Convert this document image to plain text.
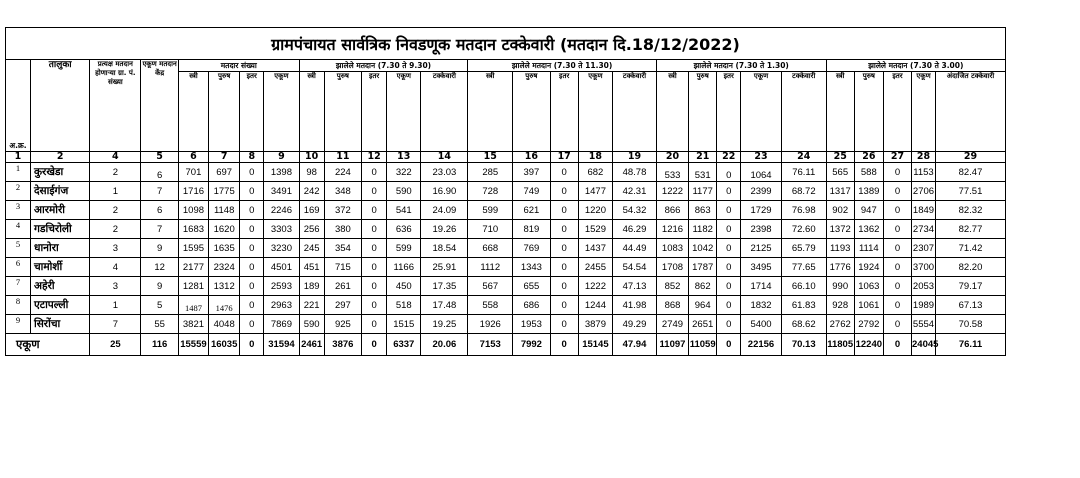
ग्रामपंचायत सार्वत्रिक निवडणूक मतदान टक्केवारी (मतदान दि.18/12/2022)
अ.क्र.	तालुका	प्रत्यक्ष मतदान होणाऱ्या ग्रा. पं. संख्या	एकूण मतदान केंद्र	मतदार संख्या				झालेले मतदान (7.30 ते 9.30)					झालेले मतदान (7.30 ते 11.30)					झालेले मतदान (7.30 ते 1.30)					झालेले मतदान (7.30 ते 3.00)				
				स्त्री	पुरुष	इतर	एकूण	स्त्री	पुरुष	इतर	एकूण	टक्केवारी	स्त्री	पुरुष	इतर	एकूण	टक्केवारी	स्त्री	पुरुष	इतर	एकूण	टक्केवारी	स्त्री	पुरुष	इतर	एकूण	अंदाजित टक्केवारी
1	2	4	5	6	7	8	9	10	11	12	13	14	15	16	17	18	19	20	21	22	23	24	25	26	27	28	29
1	कुरखेडा	2	6	701	697	0	1398	98	224	0	322	23.03	285	397	0	682	48.78	533	531	0	1064	76.11	565	588	0	1153	82.47
2	देसाईगंज	1	7	1716	1775	0	3491	242	348	0	590	16.90	728	749	0	1477	42.31	1222	1177	0	2399	68.72	1317	1389	0	2706	77.51
3	आरमोरी	2	6	1098	1148	0	2246	169	372	0	541	24.09	599	621	0	1220	54.32	866	863	0	1729	76.98	902	947	0	1849	82.32
4	गडचिरोली	2	7	1683	1620	0	3303	256	380	0	636	19.26	710	819	0	1529	46.29	1216	1182	0	2398	72.60	1372	1362	0	2734	82.77
5	धानोरा	3	9	1595	1635	0	3230	245	354	0	599	18.54	668	769	0	1437	44.49	1083	1042	0	2125	65.79	1193	1114	0	2307	71.42
6	चामोर्शी	4	12	2177	2324	0	4501	451	715	0	1166	25.91	1112	1343	0	2455	54.54	1708	1787	0	3495	77.65	1776	1924	0	3700	82.20
7	अहेरी	3	9	1281	1312	0	2593	189	261	0	450	17.35	567	655	0	1222	47.13	852	862	0	1714	66.10	990	1063	0	2053	79.17
8	एटापल्ली	1	5	1487	1476	0	2963	221	297	0	518	17.48	558	686	0	1244	41.98	868	964	0	1832	61.83	928	1061	0	1989	67.13
9	सिरोंचा	7	55	3821	4048	0	7869	590	925	0	1515	19.25	1926	1953	0	3879	49.29	2749	2651	0	5400	68.62	2762	2792	0	5554	70.58
एकूण		25	116	15559	16035	0	31594	2461	3876	0	6337	20.06	7153	7992	0	15145	47.94	11097	11059	0	22156	70.13	11805	12240	0	24045	76.11
